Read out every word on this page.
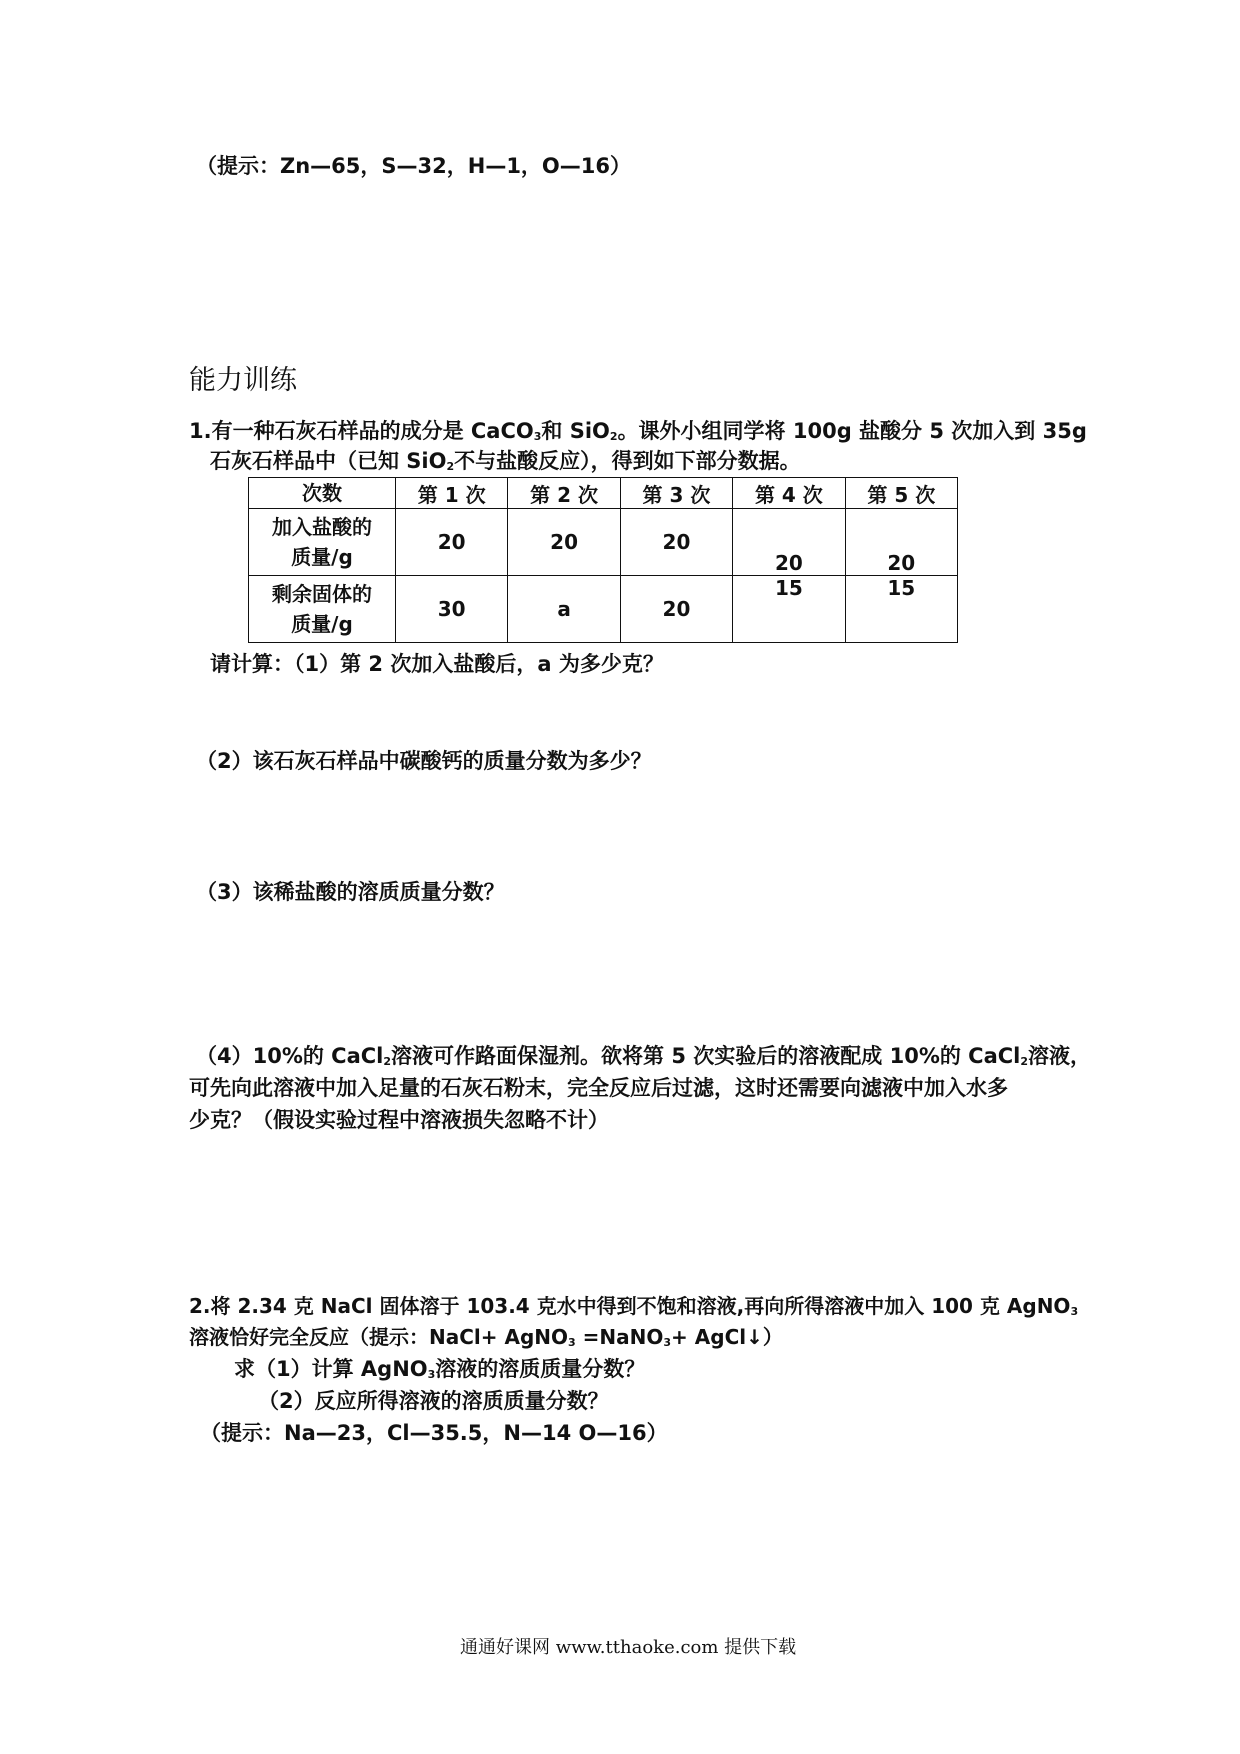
（提示：Zn—65，S—32，H—1，O—16）
能力训练
1.有一种石灰石样品的成分是 CaCO$_3$和 SiO$_2$。课外小组同学将 100g 盐酸分 5 次加入到 35g
石灰石样品中（已知 SiO$_2$不与盐酸反应），得到如下部分数据。
次数	第 1 次	第 2 次	第 3 次	第 4 次	第 5 次

加入盐酸的
质量/g	20	20	20	20	20

剩余固体的
质量/g	30	a	20	15	15
请计算：（1）第 2 次加入盐酸后，a 为多少克？
（2）该石灰石样品中碳酸钙的质量分数为多少？
（3）该稀盐酸的溶质质量分数？
（4）10%的 CaCl$_2$溶液可作路面保湿剂。欲将第 5 次实验后的溶液配成 10%的 CaCl$_2$溶液，
可先向此溶液中加入足量的石灰石粉末，完全反应后过滤，这时还需要向滤液中加入水多
少克？（假设实验过程中溶液损失忽略不计）
2.将 2.34 克 NaCl 固体溶于 103.4 克水中得到不饱和溶液,再向所得溶液中加入 100 克 AgNO$_3$
溶液恰好完全反应（提示：NaCl+ AgNO$_3$ =NaNO$_3$+ AgCl↓）
求（1）计算 AgNO$_3$溶液的溶质质量分数？
（2）反应所得溶液的溶质质量分数？
（提示：Na—23，Cl—35.5，N—14 O—16）
通通好课网 www.tthaoke.com 提供下载
